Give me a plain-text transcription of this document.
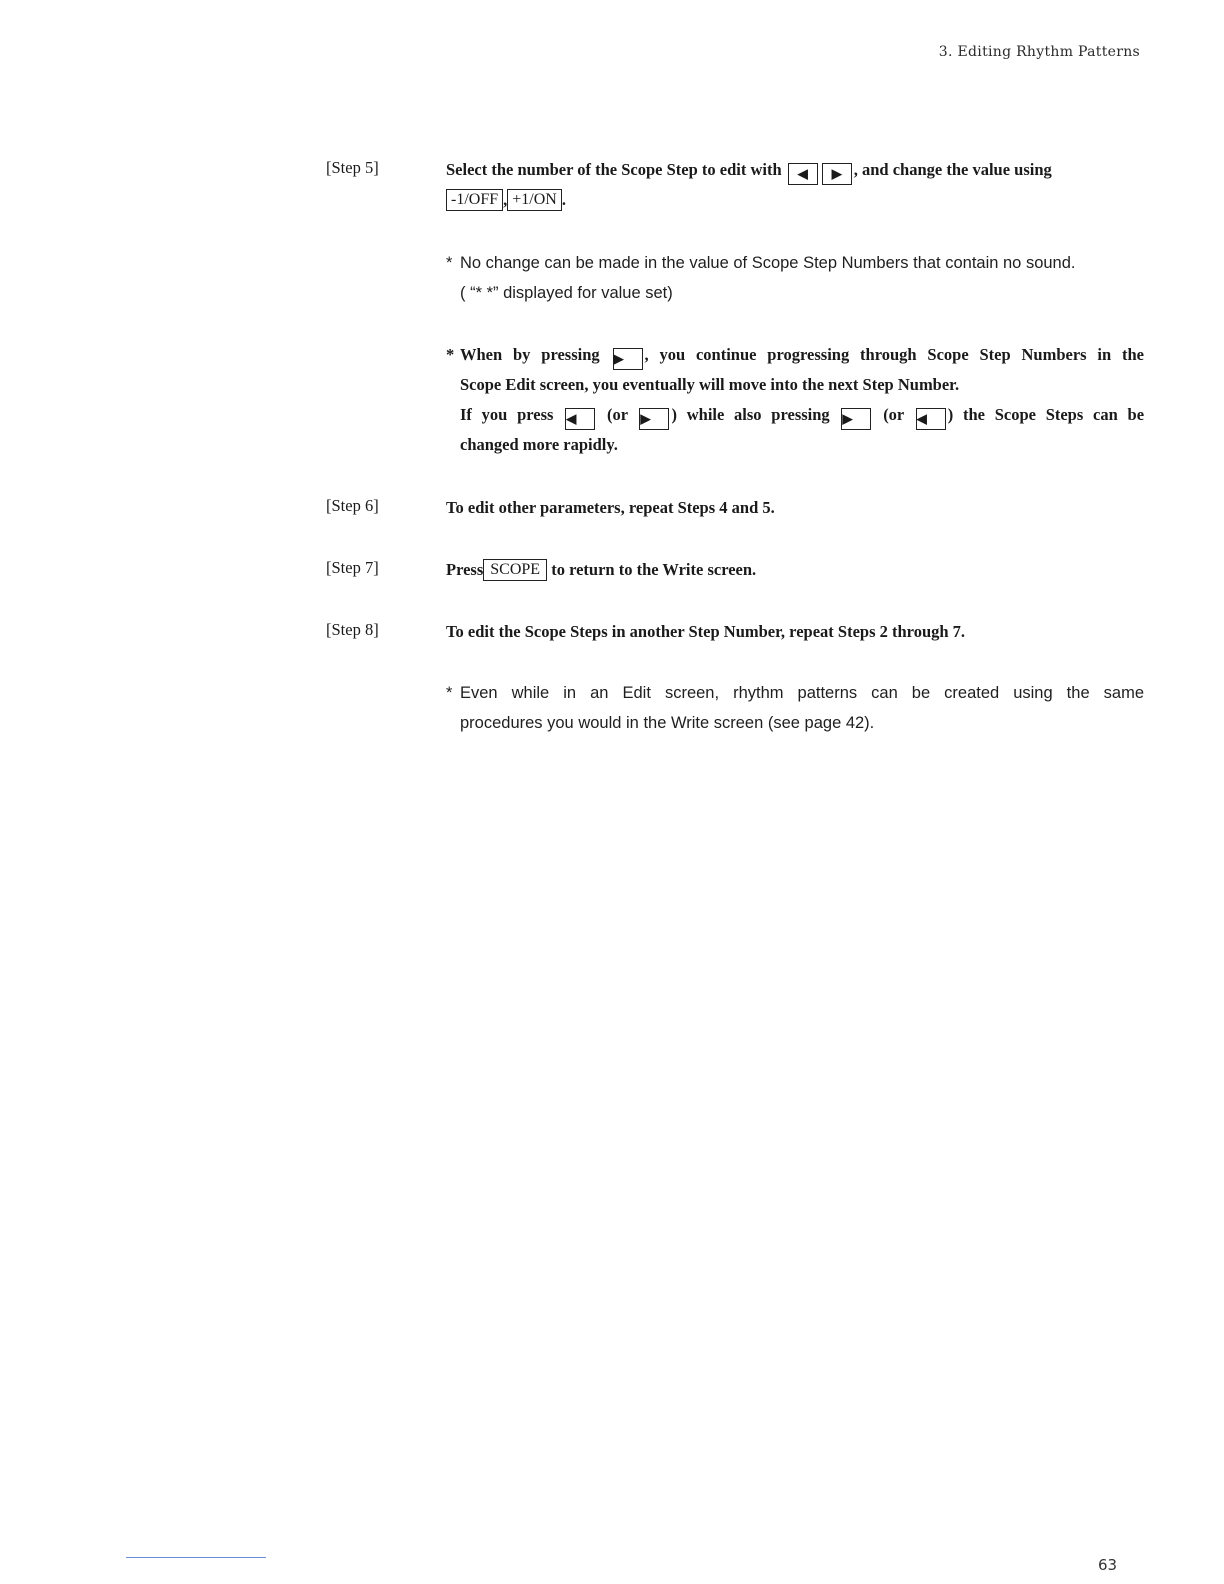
3. Editing Rhythm Patterns
[Step 5]	Select the number of the Scope Step to edit with ◀ ▶ , and change the value using
-1/OFF , +1/ON .
* No change can be made in the value of Scope Step Numbers that contain no sound.
( “* *” displayed for value set)
* When by pressing ▶ , you continue progressing through Scope Step Numbers in the
Scope Edit screen, you eventually will move into the next Step Number.
If you press ◀ (or ▶ ) while also pressing ▶ (or ◀ ) the Scope Steps can be
changed more rapidly.
[Step 6]	To edit other parameters, repeat Steps 4 and 5.
[Step 7]	Press SCOPE to return to the Write screen.
[Step 8]	To edit the Scope Steps in another Step Number, repeat Steps 2 through 7.
* Even while in an Edit screen, rhythm patterns can be created using the same
procedures you would in the Write screen (see page 42).
63
